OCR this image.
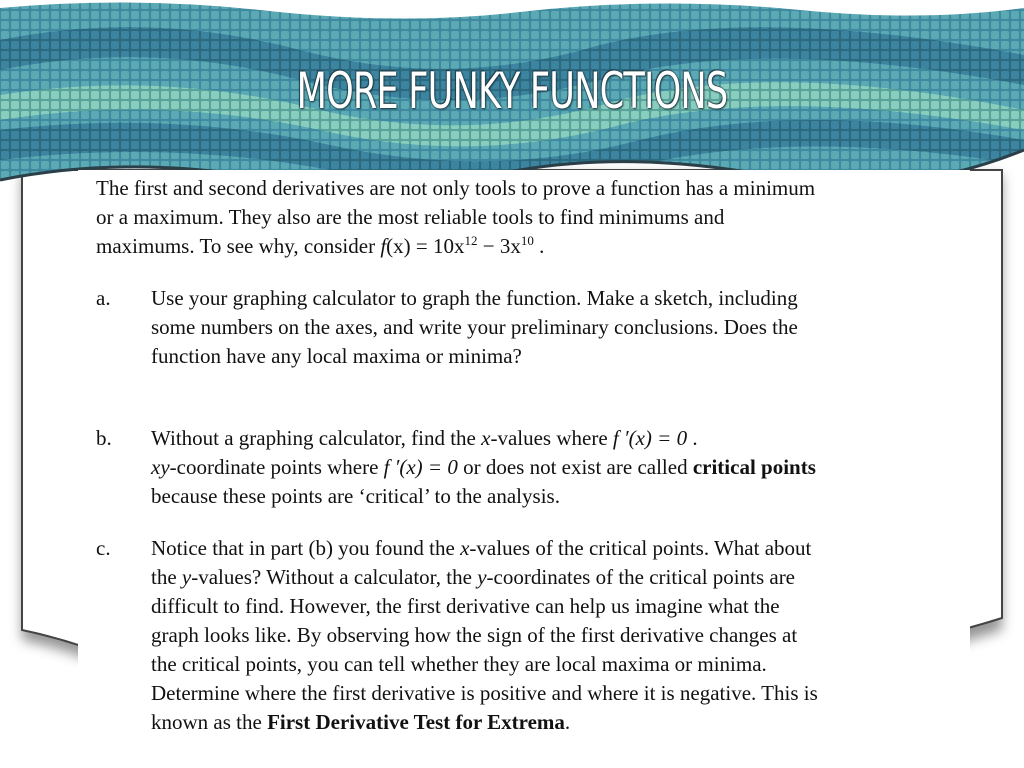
MORE FUNKY FUNCTIONS
The first and second derivatives are not only tools to prove a function has a minimum
or a maximum. They also are the most reliable tools to find minimums and
maximums. To see why, consider $f(x) = 10x^{12} - 3x^{10}$ .
a. Use your graphing calculator to graph the function. Make a sketch, including
some numbers on the axes, and write your preliminary conclusions. Does the
function have any local maxima or minima?
b. Without a graphing calculator, find the x-values where f ′(x) = 0 .
xy-coordinate points where f ′(x) = 0 or does not exist are called critical points
because these points are ‘critical’ to the analysis.
c. Notice that in part (b) you found the x-values of the critical points. What about
the y-values? Without a calculator, the y-coordinates of the critical points are
difficult to find. However, the first derivative can help us imagine what the
graph looks like. By observing how the sign of the first derivative changes at
the critical points, you can tell whether they are local maxima or minima.
Determine where the first derivative is positive and where it is negative. This is
known as the First Derivative Test for Extrema.
